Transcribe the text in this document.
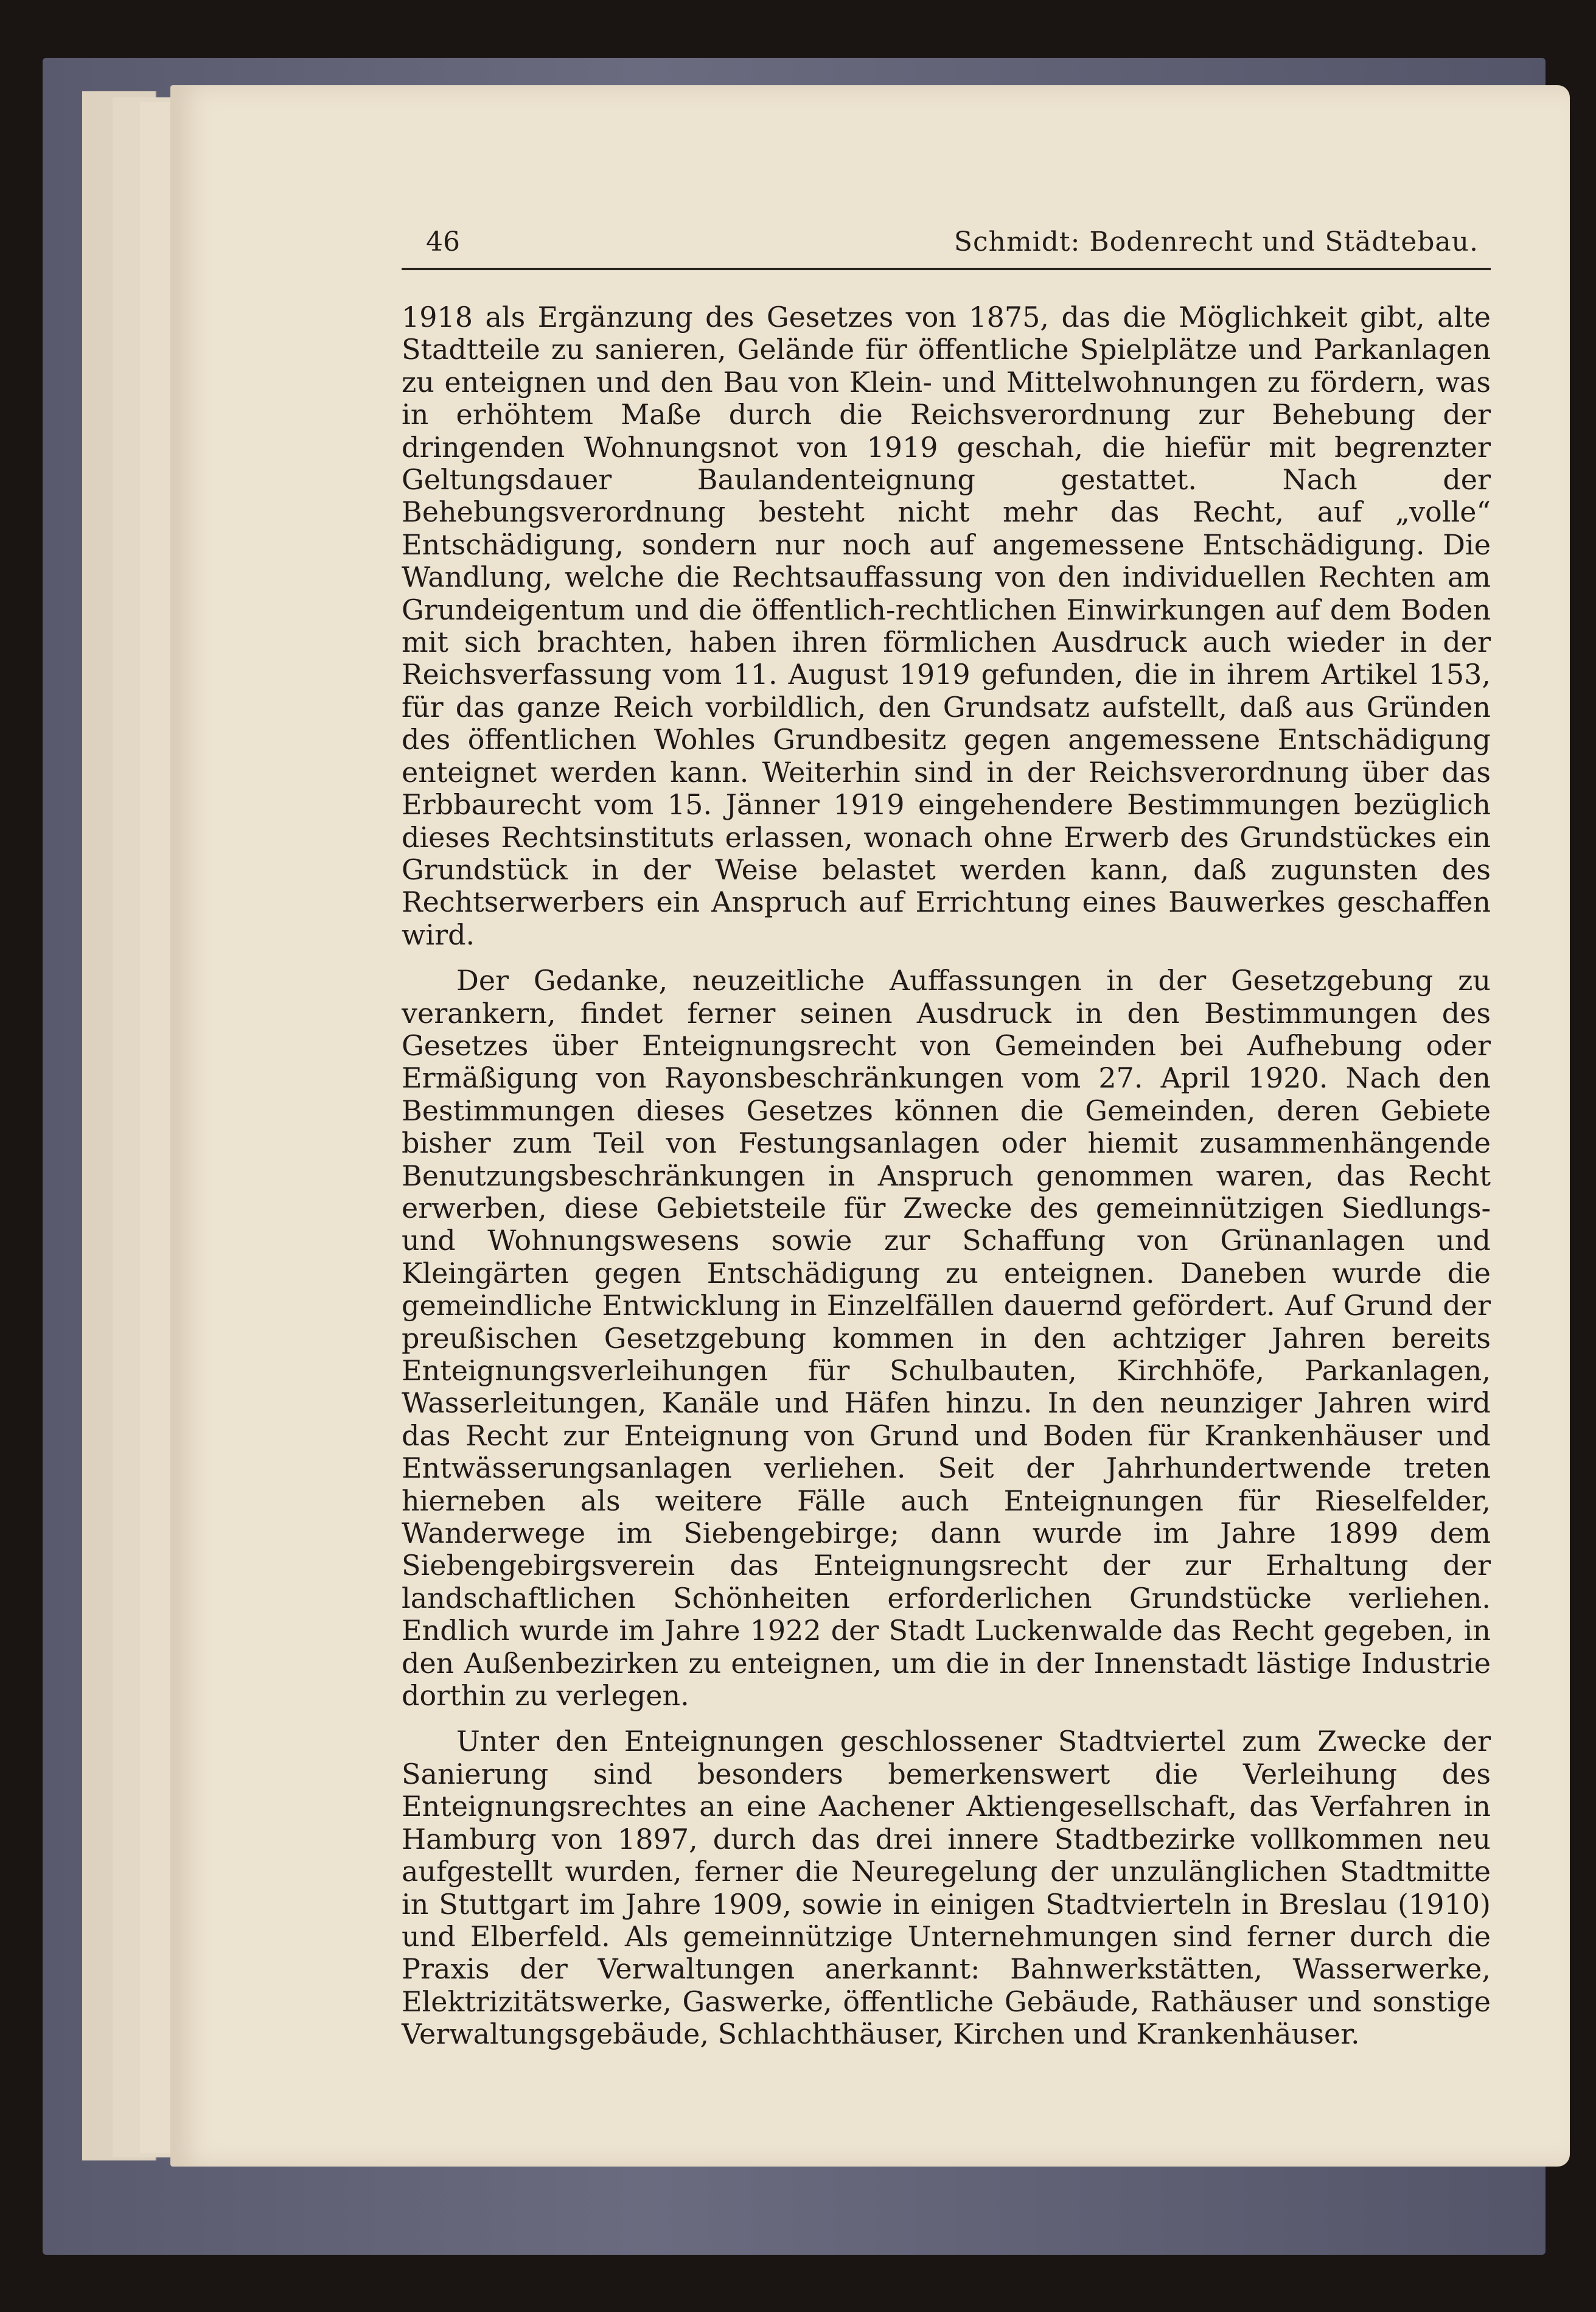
46	Schmidt: Bodenrecht und Städtebau.

1918 als Ergänzung des Gesetzes von 1875, das die Möglichkeit gibt, alte Stadtteile zu sanieren, Gelände für öffentliche Spielplätze und Parkanlagen zu enteignen und den Bau von Klein- und Mittelwohnungen zu fördern, was in erhöhtem Maße durch die Reichsverordnung zur Behebung der dringenden Wohnungsnot von 1919 geschah, die hiefür mit begrenzter Geltungsdauer Baulandenteignung gestattet. Nach der Behebungsverordnung besteht nicht mehr das Recht, auf „volle“ Entschädigung, sondern nur noch auf angemessene Entschädigung. Die Wandlung, welche die Rechtsauffassung von den individuellen Rechten am Grundeigentum und die öffentlich-rechtlichen Einwirkungen auf dem Boden mit sich brachten, haben ihren förmlichen Ausdruck auch wieder in der Reichsverfassung vom 11. August 1919 gefunden, die in ihrem Artikel 153, für das ganze Reich vorbildlich, den Grundsatz aufstellt, daß aus Gründen des öffentlichen Wohles Grundbesitz gegen angemessene Entschädigung enteignet werden kann. Weiterhin sind in der Reichsverordnung über das Erbbaurecht vom 15. Jänner 1919 eingehendere Bestimmungen bezüglich dieses Rechtsinstituts erlassen, wonach ohne Erwerb des Grundstückes ein Grundstück in der Weise belastet werden kann, daß zugunsten des Rechtserwerbers ein Anspruch auf Errichtung eines Bauwerkes geschaffen wird.

Der Gedanke, neuzeitliche Auffassungen in der Gesetzgebung zu verankern, findet ferner seinen Ausdruck in den Bestimmungen des Gesetzes über Enteignungsrecht von Gemeinden bei Aufhebung oder Ermäßigung von Rayonsbeschränkungen vom 27. April 1920. Nach den Bestimmungen dieses Gesetzes können die Gemeinden, deren Gebiete bisher zum Teil von Festungsanlagen oder hiemit zusammenhängende Benutzungsbeschränkungen in Anspruch genommen waren, das Recht erwerben, diese Gebietsteile für Zwecke des gemeinnützigen Siedlungs- und Wohnungswesens sowie zur Schaffung von Grünanlagen und Kleingärten gegen Entschädigung zu enteignen. Daneben wurde die gemeindliche Entwicklung in Einzelfällen dauernd gefördert. Auf Grund der preußischen Gesetzgebung kommen in den achtziger Jahren bereits Enteignungsverleihungen für Schulbauten, Kirchhöfe, Parkanlagen, Wasserleitungen, Kanäle und Häfen hinzu. In den neunziger Jahren wird das Recht zur Enteignung von Grund und Boden für Krankenhäuser und Entwässerungsanlagen verliehen. Seit der Jahrhundertwende treten hierneben als weitere Fälle auch Enteignungen für Rieselfelder, Wanderwege im Siebengebirge; dann wurde im Jahre 1899 dem Siebengebirgsverein das Enteignungsrecht der zur Erhaltung der landschaftlichen Schönheiten erforderlichen Grundstücke verliehen. Endlich wurde im Jahre 1922 der Stadt Luckenwalde das Recht gegeben, in den Außenbezirken zu enteignen, um die in der Innenstadt lästige Industrie dorthin zu verlegen.

Unter den Enteignungen geschlossener Stadtviertel zum Zwecke der Sanierung sind besonders bemerkenswert die Verleihung des Enteignungsrechtes an eine Aachener Aktiengesellschaft, das Verfahren in Hamburg von 1897, durch das drei innere Stadtbezirke vollkommen neu aufgestellt wurden, ferner die Neuregelung der unzulänglichen Stadtmitte in Stuttgart im Jahre 1909, sowie in einigen Stadtvierteln in Breslau (1910) und Elberfeld. Als gemeinnützige Unternehmungen sind ferner durch die Praxis der Verwaltungen anerkannt: Bahnwerkstätten, Wasserwerke, Elektrizitätswerke, Gaswerke, öffentliche Gebäude, Rathäuser und sonstige Verwaltungsgebäude, Schlachthäuser, Kirchen und Krankenhäuser.
